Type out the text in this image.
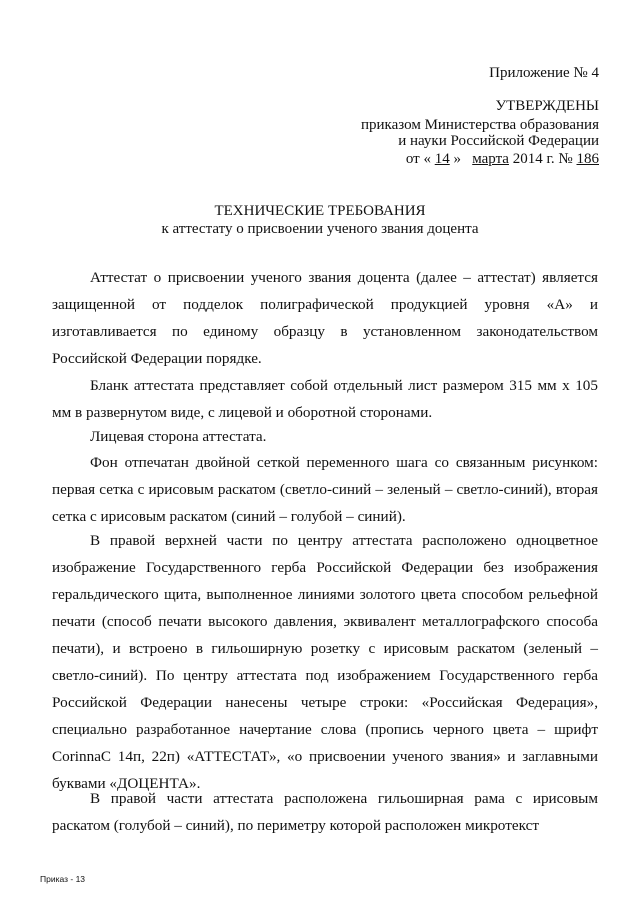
Приложение № 4
УТВЕРЖДЕНЫ
приказом Министерства образования
и науки Российской Федерации
от « 14 » марта 2014 г. № 186
ТЕХНИЧЕСКИЕ ТРЕБОВАНИЯ
к аттестату о присвоении ученого звания доцента

Аттестат о присвоении ученого звания доцента (далее – аттестат) является защищенной от подделок полиграфической продукцией уровня «А» и изготавливается по единому образцу в установленном законодательством Российской Федерации порядке.

Бланк аттестата представляет собой отдельный лист размером 315 мм х 105 мм в развернутом виде, с лицевой и оборотной сторонами.

Лицевая сторона аттестата.

Фон отпечатан двойной сеткой переменного шага со связанным рисунком: первая сетка с ирисовым раскатом (светло-синий – зеленый – светло-синий), вторая сетка с ирисовым раскатом (синий – голубой – синий).

В правой верхней части по центру аттестата расположено одноцветное изображение Государственного герба Российской Федерации без изображения геральдического щита, выполненное линиями золотого цвета способом рельефной печати (способ печати высокого давления, эквивалент металлографского способа печати), и встроено в гильоширную розетку с ирисовым раскатом (зеленый – светло-синий). По центру аттестата под изображением Государственного герба Российской Федерации нанесены четыре строки: «Российская Федерация», специально разработанное начертание слова (пропись черного цвета – шрифт CorinnaC 14п, 22п) «АТТЕСТАТ», «о присвоении ученого звания» и заглавными буквами «ДОЦЕНТА».

В правой части аттестата расположена гильоширная рама с ирисовым раскатом (голубой – синий), по периметру которой расположен микротекст

Приказ - 13
